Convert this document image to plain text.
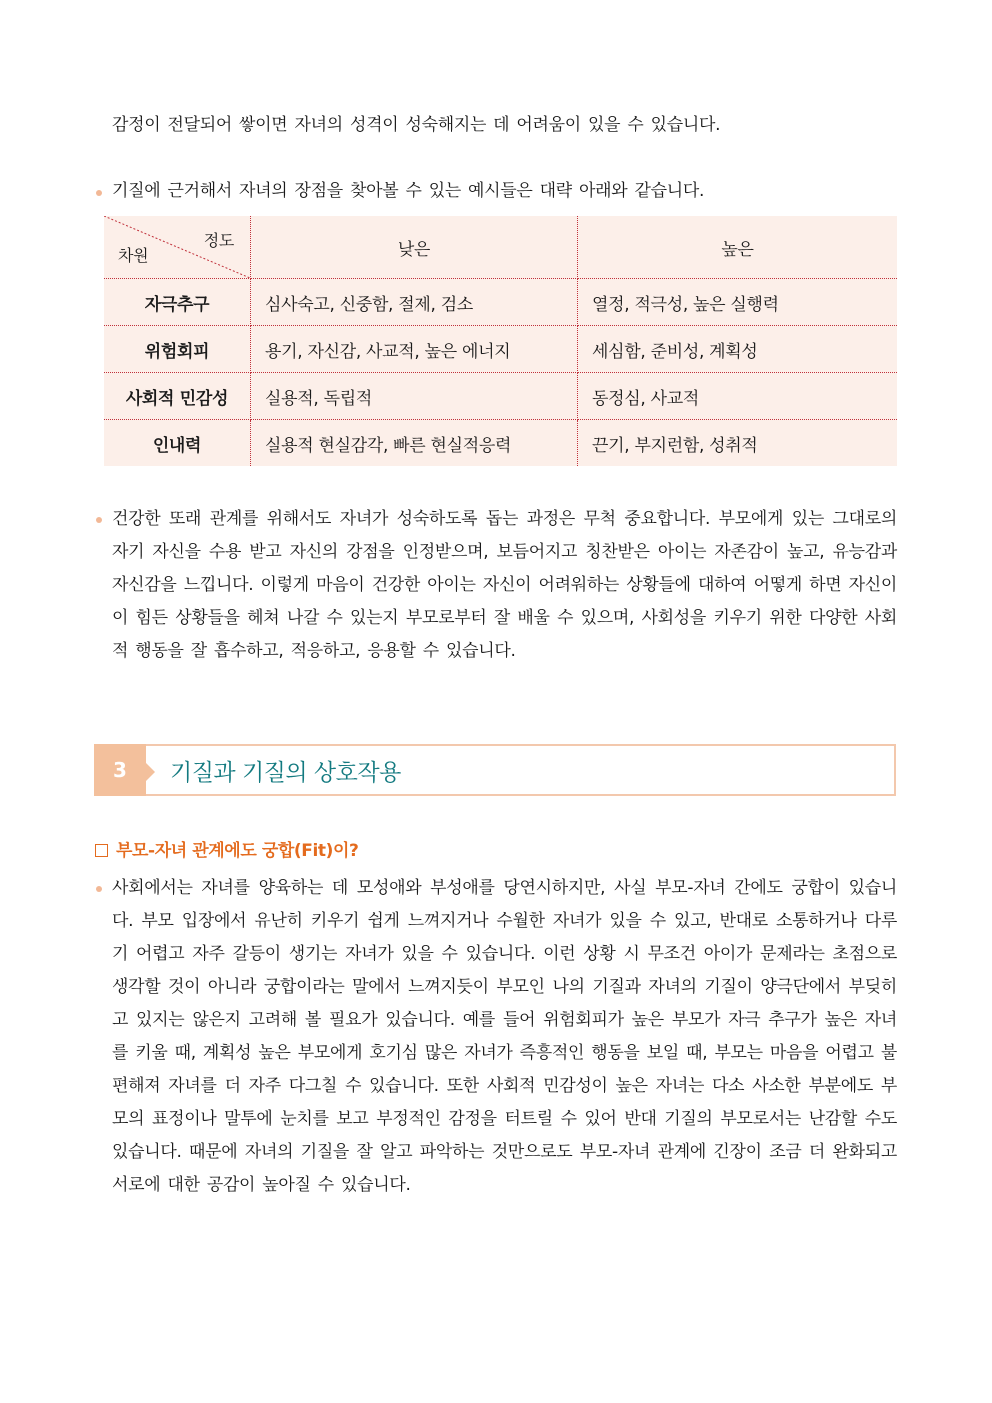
감정이 전달되어 쌓이면 자녀의 성격이 성숙해지는 데 어려움이 있을 수 있습니다.
기질에 근거해서 자녀의 장점을 찾아볼 수 있는 예시들은 대략 아래와 같습니다.
정도
차원	낮은	높은
자극추구	심사숙고, 신중함, 절제, 검소	열정, 적극성, 높은 실행력
위험회피	용기, 자신감, 사교적, 높은 에너지	세심함, 준비성, 계획성
사회적 민감성	실용적, 독립적	동정심, 사교적
인내력	실용적 현실감각, 빠른 현실적응력	끈기, 부지런함, 성취적
건강한 또래 관계를 위해서도 자녀가 성숙하도록 돕는 과정은 무척 중요합니다. 부모에게 있는 그대로의 자기 자신을 수용 받고 자신의 강점을 인정받으며, 보듬어지고 칭찬받은 아이는 자존감이 높고, 유능감과 자신감을 느낍니다. 이렇게 마음이 건강한 아이는 자신이 어려워하는 상황들에 대하여 어떻게 하면 자신이 이 힘든 상황들을 헤쳐 나갈 수 있는지 부모로부터 잘 배울 수 있으며, 사회성을 키우기 위한 다양한 사회적 행동을 잘 흡수하고, 적응하고, 응용할 수 있습니다.
3	기질과 기질의 상호작용
부모-자녀 관계에도 궁합(Fit)이?
사회에서는 자녀를 양육하는 데 모성애와 부성애를 당연시하지만, 사실 부모-자녀 간에도 궁합이 있습니다. 부모 입장에서 유난히 키우기 쉽게 느껴지거나 수월한 자녀가 있을 수 있고, 반대로 소통하거나 다루기 어렵고 자주 갈등이 생기는 자녀가 있을 수 있습니다. 이런 상황 시 무조건 아이가 문제라는 초점으로 생각할 것이 아니라 궁합이라는 말에서 느껴지듯이 부모인 나의 기질과 자녀의 기질이 양극단에서 부딪히고 있지는 않은지 고려해 볼 필요가 있습니다. 예를 들어 위험회피가 높은 부모가 자극 추구가 높은 자녀를 키울 때, 계획성 높은 부모에게 호기심 많은 자녀가 즉흥적인 행동을 보일 때, 부모는 마음을 어렵고 불편해져 자녀를 더 자주 다그칠 수 있습니다. 또한 사회적 민감성이 높은 자녀는 다소 사소한 부분에도 부모의 표정이나 말투에 눈치를 보고 부정적인 감정을 터트릴 수 있어 반대 기질의 부모로서는 난감할 수도 있습니다. 때문에 자녀의 기질을 잘 알고 파악하는 것만으로도 부모-자녀 관계에 긴장이 조금 더 완화되고 서로에 대한 공감이 높아질 수 있습니다.
